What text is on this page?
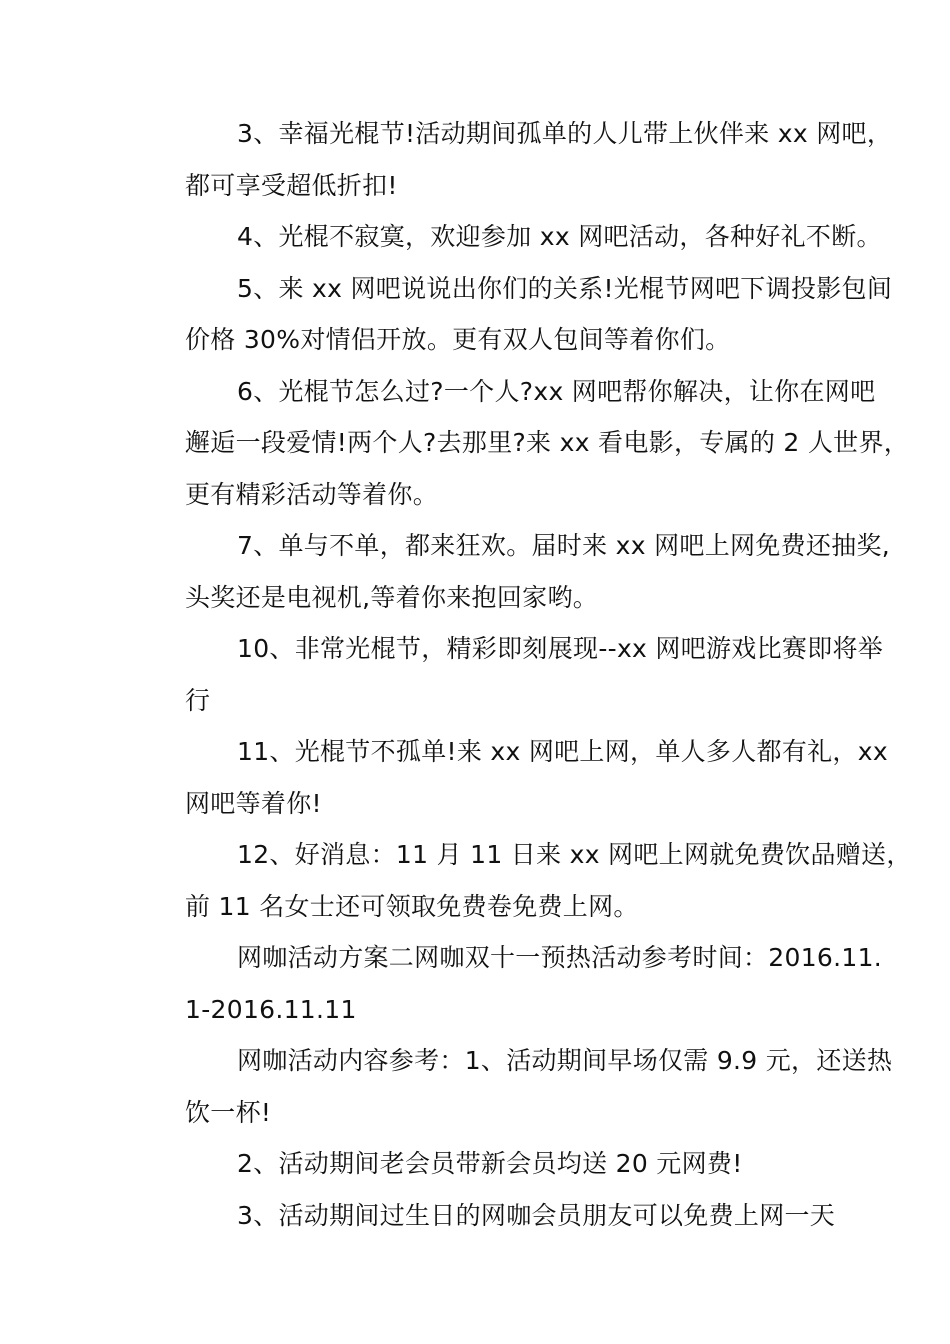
3、幸福光棍节!活动期间孤单的人儿带上伙伴来 xx 网吧，
都可享受超低折扣!
4、光棍不寂寞，欢迎参加 xx 网吧活动，各种好礼不断。
5、来 xx 网吧说说出你们的关系!光棍节网吧下调投影包间
价格 30%对情侣开放。更有双人包间等着你们。
6、光棍节怎么过?一个人?xx 网吧帮你解决，让你在网吧
邂逅一段爱情!两个人?去那里?来 xx 看电影，专属的 2 人世界，
更有精彩活动等着你。
7、单与不单，都来狂欢。届时来 xx 网吧上网免费还抽奖,
头奖还是电视机,等着你来抱回家哟。
10、非常光棍节，精彩即刻展现--xx 网吧游戏比赛即将举
行
11、光棍节不孤单!来 xx 网吧上网，单人多人都有礼，xx
网吧等着你!
12、好消息：11 月 11 日来 xx 网吧上网就免费饮品赠送，
前 11 名女士还可领取免费卷免费上网。
网咖活动方案二网咖双十一预热活动参考时间：2016.11.
1-2016.11.11
网咖活动内容参考：1、活动期间早场仅需 9.9 元，还送热
饮一杯!
2、活动期间老会员带新会员均送 20 元网费!
3、活动期间过生日的网咖会员朋友可以免费上网一天
